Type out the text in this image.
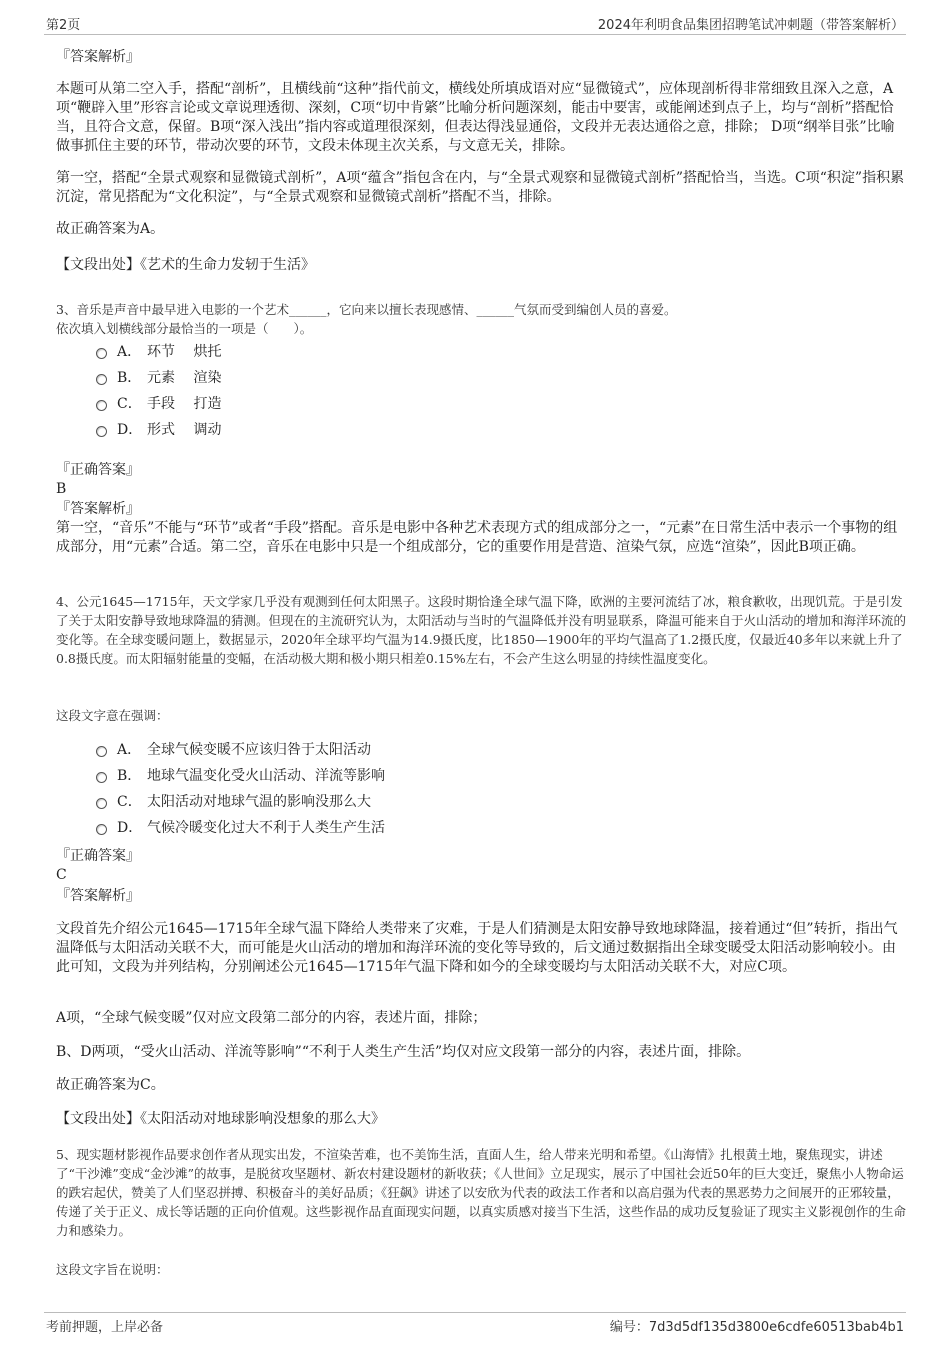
第2页	2024年利明食品集团招聘笔试冲刺题（带答案解析）
『答案解析』
本题可从第二空入手，搭配“剖析”，且横线前“这种”指代前文，横线处所填成语对应“显微镜式”，应体现剖析得非常细致且深入之意，A项“鞭辟入里”形容言论或文章说理透彻、深刻，C项“切中肯綮”比喻分析问题深刻，能击中要害，或能阐述到点子上，均与“剖析”搭配恰当，且符合文意，保留。B项“深入浅出”指内容或道理很深刻，但表达得浅显通俗，文段并无表达通俗之意，排除； D项“纲举目张”比喻做事抓住主要的环节，带动次要的环节，文段未体现主次关系，与文意无关，排除。
第一空，搭配“全景式观察和显微镜式剖析”，A项“蕴含”指包含在内，与“全景式观察和显微镜式剖析”搭配恰当，当选。C项“积淀”指积累沉淀，常见搭配为“文化积淀”，与“全景式观察和显微镜式剖析”搭配不当，排除。
故正确答案为A。
【文段出处】《艺术的生命力发轫于生活》
3、音乐是声音中最早进入电影的一个艺术______，它向来以擅长表现感情、______气氛而受到编创人员的喜爱。
依次填入划横线部分最恰当的一项是（　　）。
A． 环节　 烘托
B． 元素　 渲染
C． 手段　 打造
D． 形式　 调动
『正确答案』
B
『答案解析』
第一空，“音乐”不能与“环节”或者“手段”搭配。音乐是电影中各种艺术表现方式的组成部分之一，“元素”在日常生活中表示一个事物的组成部分，用“元素”合适。第二空，音乐在电影中只是一个组成部分，它的重要作用是营造、渲染气氛，应选“渲染”，因此B项正确。
4、公元1645—1715年，天文学家几乎没有观测到任何太阳黑子。这段时期恰逢全球气温下降，欧洲的主要河流结了冰，粮食歉收，出现饥荒。于是引发了关于太阳安静导致地球降温的猜测。但现在的主流研究认为，太阳活动与当时的气温降低并没有明显联系，降温可能来自于火山活动的增加和海洋环流的变化等。在全球变暖问题上，数据显示，2020年全球平均气温为14.9摄氏度，比1850—1900年的平均气温高了1.2摄氏度，仅最近40多年以来就上升了0.8摄氏度。而太阳辐射能量的变幅，在活动极大期和极小期只相差0.15%左右，不会产生这么明显的持续性温度变化。
这段文字意在强调：
A． 全球气候变暖不应该归咎于太阳活动
B． 地球气温变化受火山活动、洋流等影响
C． 太阳活动对地球气温的影响没那么大
D． 气候冷暖变化过大不利于人类生产生活
『正确答案』
C
『答案解析』
文段首先介绍公元1645—1715年全球气温下降给人类带来了灾难，于是人们猜测是太阳安静导致地球降温，接着通过“但”转折，指出气温降低与太阳活动关联不大，而可能是火山活动的增加和海洋环流的变化等导致的，后文通过数据指出全球变暖受太阳活动影响较小。由此可知，文段为并列结构，分别阐述公元1645—1715年气温下降和如今的全球变暖均与太阳活动关联不大，对应C项。
A项，“全球气候变暖”仅对应文段第二部分的内容，表述片面，排除；
B、D两项，“受火山活动、洋流等影响”“不利于人类生产生活”均仅对应文段第一部分的内容，表述片面，排除。
故正确答案为C。
【文段出处】《太阳活动对地球影响没想象的那么大》
5、现实题材影视作品要求创作者从现实出发，不渲染苦难，也不美饰生活，直面人生，给人带来光明和希望。《山海情》扎根黄土地，聚焦现实，讲述了“干沙滩”变成“金沙滩”的故事，是脱贫攻坚题材、新农村建设题材的新收获；《人世间》立足现实，展示了中国社会近50年的巨大变迁，聚焦小人物命运的跌宕起伏，赞美了人们坚忍拼搏、积极奋斗的美好品质；《狂飙》讲述了以安欣为代表的政法工作者和以高启强为代表的黑恶势力之间展开的正邪较量，传递了关于正义、成长等话题的正向价值观。这些影视作品直面现实问题，以真实质感对接当下生活，这些作品的成功反复验证了现实主义影视创作的生命力和感染力。
这段文字旨在说明：
考前押题，上岸必备	编号：7d3d5df135d3800e6cdfe60513bab4b1
